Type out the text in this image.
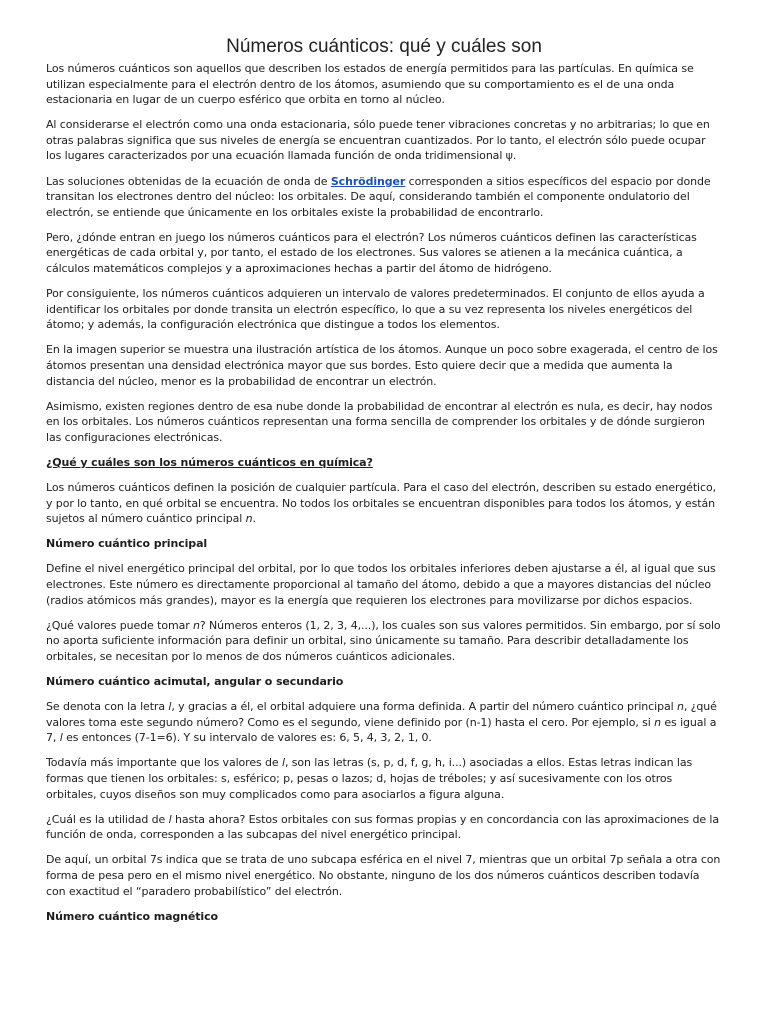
Números cuánticos: qué y cuáles son

Los números cuánticos son aquellos que describen los estados de energía permitidos para las partículas. En química se utilizan especialmente para el electrón dentro de los átomos, asumiendo que su comportamiento es el de una onda estacionaria en lugar de un cuerpo esférico que orbita en torno al núcleo.

Al considerarse el electrón como una onda estacionaria, sólo puede tener vibraciones concretas y no arbitrarias; lo que en otras palabras significa que sus niveles de energía se encuentran cuantizados. Por lo tanto, el electrón sólo puede ocupar los lugares caracterizados por una ecuación llamada función de onda tridimensional ψ.

Las soluciones obtenidas de la ecuación de onda de Schrödinger corresponden a sitios específicos del espacio por donde transitan los electrones dentro del núcleo: los orbitales. De aquí, considerando también el componente ondulatorio del electrón, se entiende que únicamente en los orbitales existe la probabilidad de encontrarlo.

Pero, ¿dónde entran en juego los números cuánticos para el electrón? Los números cuánticos definen las características energéticas de cada orbital y, por tanto, el estado de los electrones. Sus valores se atienen a la mecánica cuántica, a cálculos matemáticos complejos y a aproximaciones hechas a partir del átomo de hidrógeno.

Por consiguiente, los números cuánticos adquieren un intervalo de valores predeterminados. El conjunto de ellos ayuda a identificar los orbitales por donde transita un electrón específico, lo que a su vez representa los niveles energéticos del átomo; y además, la configuración electrónica que distingue a todos los elementos.

En la imagen superior se muestra una ilustración artística de los átomos. Aunque un poco sobre exagerada, el centro de los átomos presentan una densidad electrónica mayor que sus bordes. Esto quiere decir que a medida que aumenta la distancia del núcleo, menor es la probabilidad de encontrar un electrón.

Asimismo, existen regiones dentro de esa nube donde la probabilidad de encontrar al electrón es nula, es decir, hay nodos en los orbitales. Los números cuánticos representan una forma sencilla de comprender los orbitales y de dónde surgieron las configuraciones electrónicas.

¿Qué y cuáles son los números cuánticos en química?

Los números cuánticos definen la posición de cualquier partícula. Para el caso del electrón, describen su estado energético, y por lo tanto, en qué orbital se encuentra. No todos los orbitales se encuentran disponibles para todos los átomos, y están sujetos al número cuántico principal n.

Número cuántico principal

Define el nivel energético principal del orbital, por lo que todos los orbitales inferiores deben ajustarse a él, al igual que sus electrones. Este número es directamente proporcional al tamaño del átomo, debido a que a mayores distancias del núcleo (radios atómicos más grandes), mayor es la energía que requieren los electrones para movilizarse por dichos espacios.

¿Qué valores puede tomar n? Números enteros (1, 2, 3, 4,...), los cuales son sus valores permitidos. Sin embargo, por sí solo no aporta suficiente información para definir un orbital, sino únicamente su tamaño. Para describir detalladamente los orbitales, se necesitan por lo menos de dos números cuánticos adicionales.

Número cuántico acimutal, angular o secundario

Se denota con la letra l, y gracias a él, el orbital adquiere una forma definida. A partir del número cuántico principal n, ¿qué valores toma este segundo número? Como es el segundo, viene definido por (n-1) hasta el cero. Por ejemplo, si n es igual a 7, l es entonces (7-1=6). Y su intervalo de valores es: 6, 5, 4, 3, 2, 1, 0.

Todavía más importante que los valores de l, son las letras (s, p, d, f, g, h, i...) asociadas a ellos. Estas letras indican las formas que tienen los orbitales: s, esférico; p, pesas o lazos; d, hojas de tréboles; y así sucesivamente con los otros orbitales, cuyos diseños son muy complicados como para asociarlos a figura alguna.

¿Cuál es la utilidad de l hasta ahora? Estos orbitales con sus formas propias y en concordancia con las aproximaciones de la función de onda, corresponden a las subcapas del nivel energético principal.

De aquí, un orbital 7s indica que se trata de uno subcapa esférica en el nivel 7, mientras que un orbital 7p señala a otra con forma de pesa pero en el mismo nivel energético. No obstante, ninguno de los dos números cuánticos describen todavía con exactitud el “paradero probabilístico” del electrón.

Número cuántico magnético
